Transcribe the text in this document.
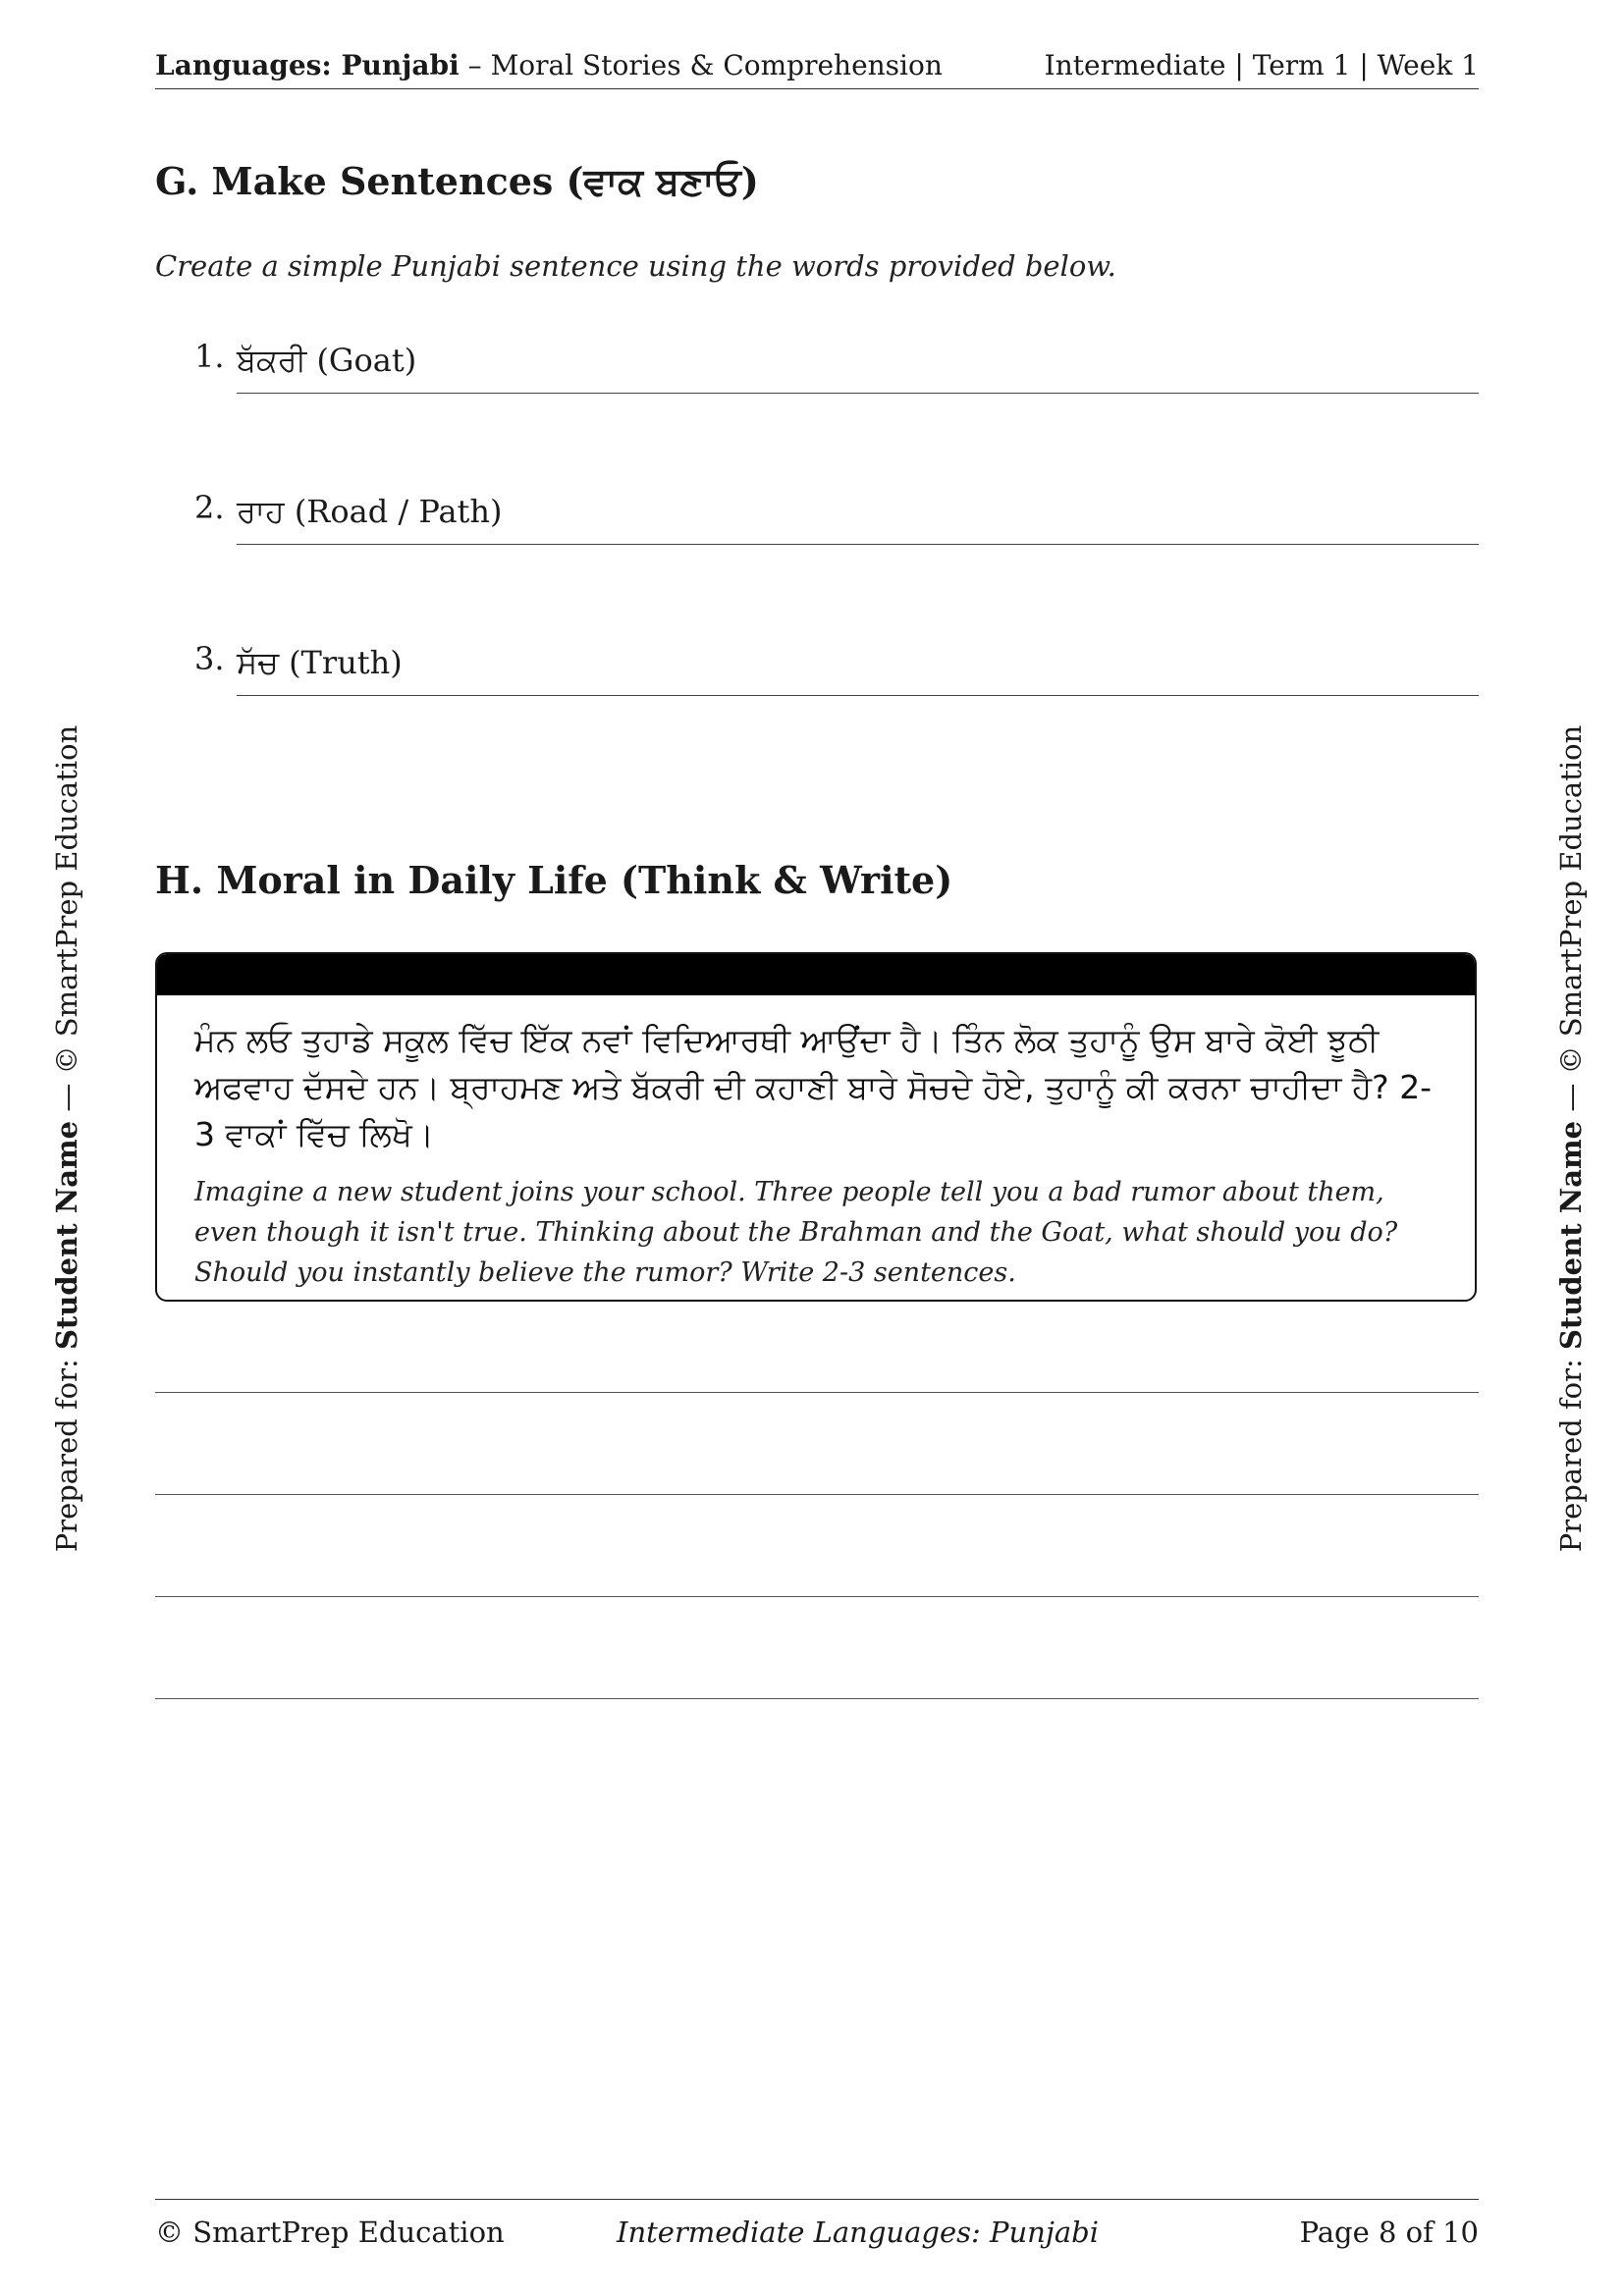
Languages: Punjabi – Moral Stories & Comprehension	Intermediate | Term 1 | Week 1
G. Make Sentences (ਵਾਕ ਬਣਾਓ)
Create a simple Punjabi sentence using the words provided below.
1. ਬੱਕਰੀ (Goat)
2. ਰਾਹ (Road / Path)
3. ਸੱਚ (Truth)
H. Moral in Daily Life (Think & Write)
ਮੰਨ ਲਓ ਤੁਹਾਡੇ ਸਕੂਲ ਵਿੱਚ ਇੱਕ ਨਵਾਂ ਵਿਦਿਆਰਥੀ ਆਉਂਦਾ ਹੈ। ਤਿੰਨ ਲੋਕ ਤੁਹਾਨੂੰ ਉਸ ਬਾਰੇ ਕੋਈ ਝੂਠੀ ਅਫਵਾਹ ਦੱਸਦੇ ਹਨ। ਬ੍ਰਾਹਮਣ ਅਤੇ ਬੱਕਰੀ ਦੀ ਕਹਾਣੀ ਬਾਰੇ ਸੋਚਦੇ ਹੋਏ, ਤੁਹਾਨੂੰ ਕੀ ਕਰਨਾ ਚਾਹੀਦਾ ਹੈ? 2-3 ਵਾਕਾਂ ਵਿੱਚ ਲਿਖੋ।
Imagine a new student joins your school. Three people tell you a bad rumor about them, even though it isn't true. Thinking about the Brahman and the Goat, what should you do? Should you instantly believe the rumor? Write 2-3 sentences.
Prepared for: Student Name — © SmartPrep Education
Prepared for: Student Name — © SmartPrep Education
© SmartPrep Education	Intermediate Languages: Punjabi	Page 8 of 10
